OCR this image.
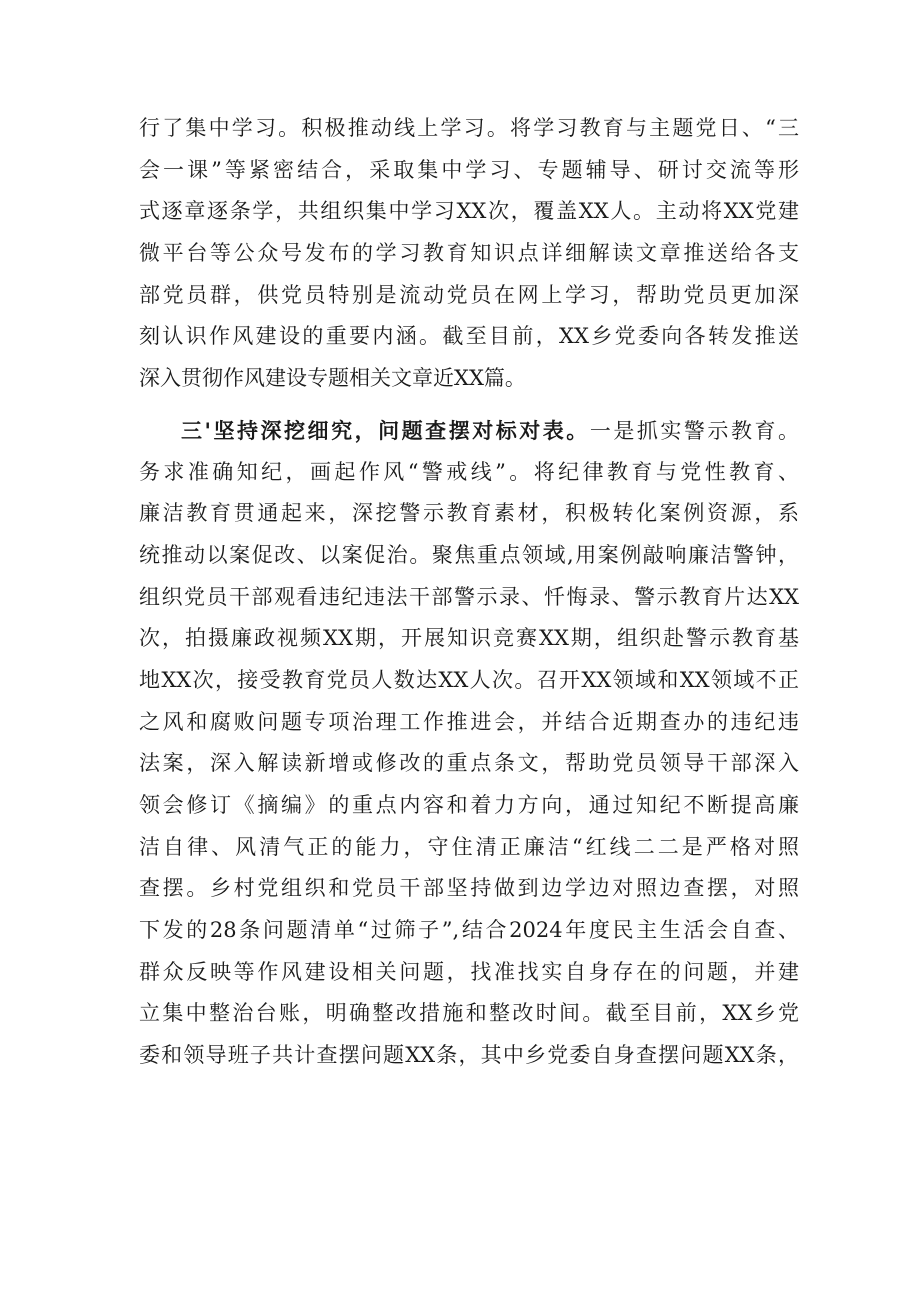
行了集中学习。积极推动线上学习。将学习教育与主题党日、“三
会一课”等紧密结合，采取集中学习、专题辅导、研讨交流等形
式逐章逐条学，共组织集中学习XX次，覆盖XX人。主动将XX党建
微平台等公众号发布的学习教育知识点详细解读文章推送给各支
部党员群，供党员特别是流动党员在网上学习，帮助党员更加深
刻认识作风建设的重要内涵。截至目前，XX乡党委向各转发推送
深入贯彻作风建设专题相关文章近XX篇。
三'坚持深挖细究，问题查摆对标对表。一是抓实警示教育。
务求准确知纪，画起作风“警戒线”。将纪律教育与党性教育、
廉洁教育贯通起来，深挖警示教育素材，积极转化案例资源，系
统推动以案促改、以案促治。聚焦重点领域,用案例敲响廉洁警钟，
组织党员干部观看违纪违法干部警示录、忏悔录、警示教育片达XX
次，拍摄廉政视频XX期，开展知识竞赛XX期，组织赴警示教育基
地XX次，接受教育党员人数达XX人次。召开XX领域和XX领域不正
之风和腐败问题专项治理工作推进会，并结合近期查办的违纪违
法案，深入解读新增或修改的重点条文，帮助党员领导干部深入
领会修订《摘编》的重点内容和着力方向，通过知纪不断提高廉
洁自律、风清气正的能力，守住清正廉洁“红线二二是严格对照
查摆。乡村党组织和党员干部坚持做到边学边对照边查摆，对照
下发的28条问题清单“过筛子”,结合2024年度民主生活会自查、
群众反映等作风建设相关问题，找准找实自身存在的问题，并建
立集中整治台账，明确整改措施和整改时间。截至目前，XX乡党
委和领导班子共计查摆问题XX条，其中乡党委自身查摆问题XX条，
